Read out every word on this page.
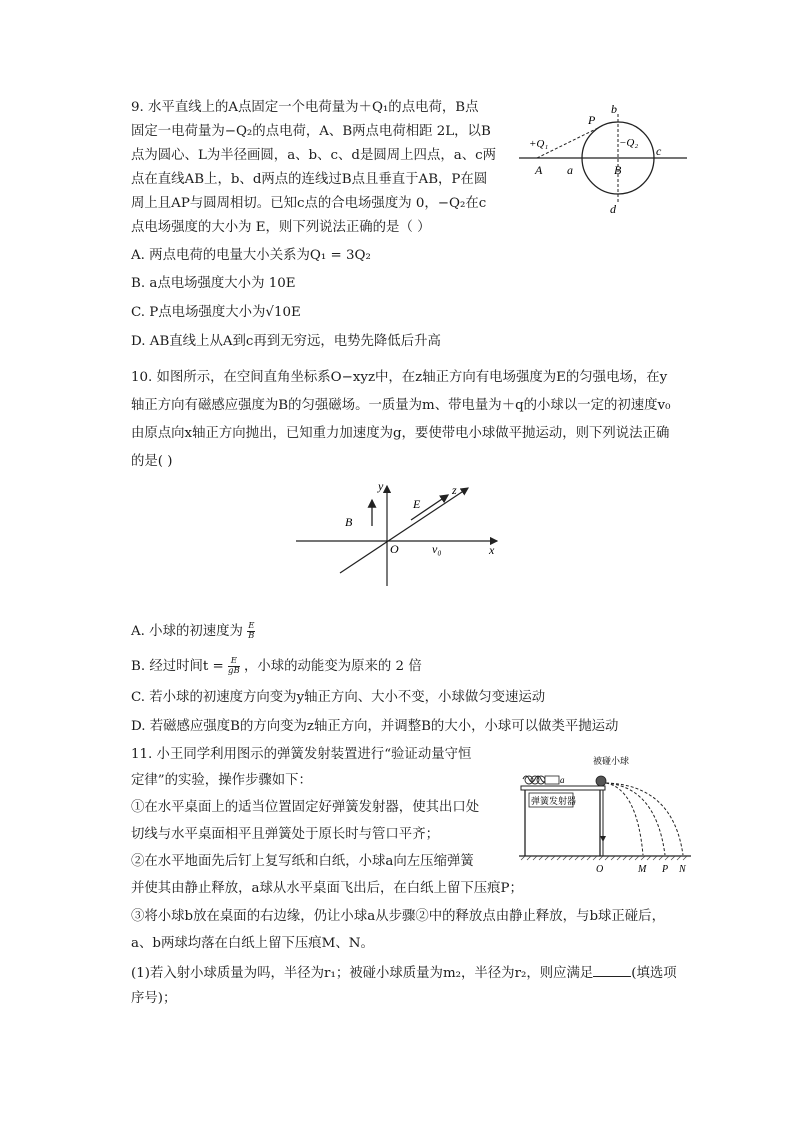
9. 水平直线上的A点固定一个电荷量为＋Q₁的点电荷，B点
固定一电荷量为−Q₂的点电荷，A、B两点电荷相距 2L，以B
点为圆心、L为半径画圆，a、b、c、d是圆周上四点，a、c两
点在直线AB上，b、d两点的连线过B点且垂直于AB，P在圆
周上且AP与圆周相切。已知c点的合电场强度为 0，−Q₂在c
点电场强度的大小为 E，则下列说法正确的是（ ）
A. 两点电荷的电量大小关系为Q₁ = 3Q₂
B. a点电场强度大小为 10E
C. P点电场强度大小为√10E
D. AB直线上从A到c再到无穷远，电势先降低后升高
P
b
+Q₁	−Q₂
c
A a	B
d
10. 如图所示，在空间直角坐标系O−xyz中，在z轴正方向有电场强度为E的匀强电场，在y
轴正方向有磁感应强度为B的匀强磁场。一质量为m、带电量为＋q的小球以一定的初速度v₀
由原点向x轴正方向抛出，已知重力加速度为g，要使带电小球做平抛运动，则下列说法正确
的是( )
y	z
E
B
O	v₀	x
A. 小球的初速度为 $\frac{E}{B}$
B. 经过时间$t = \frac{E}{gB}$ ，小球的动能变为原来的 2 倍
C. 若小球的初速度方向变为y轴正方向、大小不变，小球做匀变速运动
D. 若磁感应强度B的方向变为z轴正方向，并调整B的大小，小球可以做类平抛运动
11. 小王同学利用图示的弹簧发射装置进行“验证动量守恒
定律”的实验，操作步骤如下：
①在水平桌面上的适当位置固定好弹簧发射器，使其出口处
切线与水平桌面相平且弹簧处于原长时与管口平齐；
②在水平地面先后钉上复写纸和白纸，小球a向左压缩弹簧
并使其由静止释放，a球从水平桌面飞出后，在白纸上留下压痕P；
③将小球b放在桌面的右边缘，仍让小球a从步骤②中的释放点由静止释放，与b球正碰后，
a、b两球均落在白纸上留下压痕M、N。
(1)若入射小球质量为吗，半径为r₁；被碰小球质量为m₂，半径为r₂，则应满足	(填选项
序号)；
弹簧发射器
a
被碰小球
O	M P N
